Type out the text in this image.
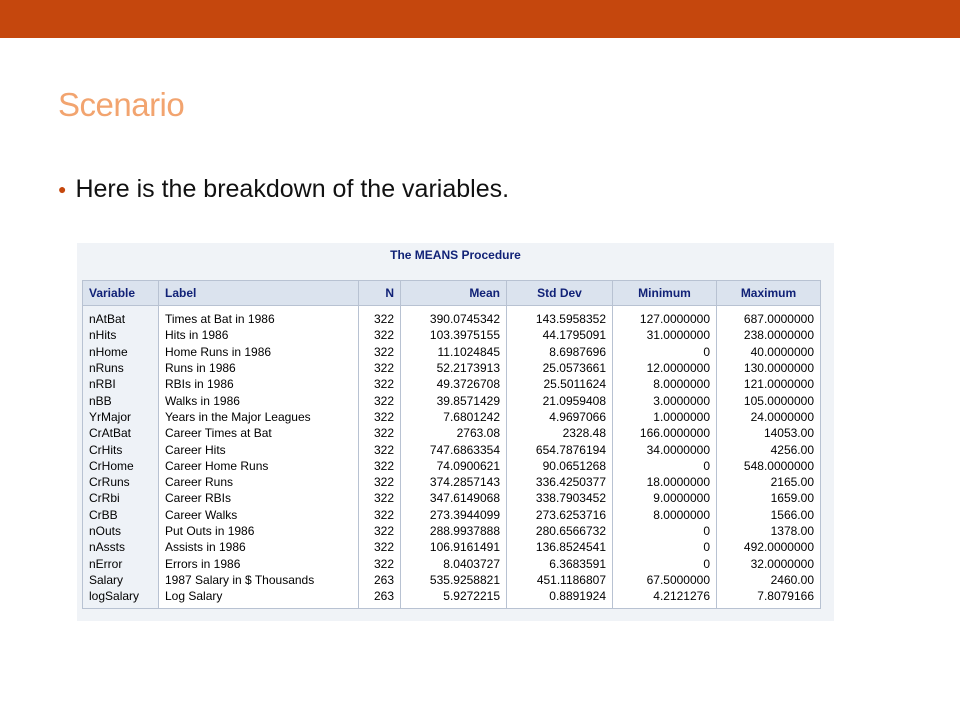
Scenario
● Here is the breakdown of the variables.
The MEANS Procedure
Variable	Label	N	Mean	Std Dev	Minimum	Maximum
nAtBat	Times at Bat in 1986	322	390.0745342	143.5958352	127.0000000	687.0000000
nHits	Hits in 1986	322	103.3975155	44.1795091	31.0000000	238.0000000
nHome	Home Runs in 1986	322	11.1024845	8.6987696	0	40.0000000
nRuns	Runs in 1986	322	52.2173913	25.0573661	12.0000000	130.0000000
nRBI	RBIs in 1986	322	49.3726708	25.5011624	8.0000000	121.0000000
nBB	Walks in 1986	322	39.8571429	21.0959408	3.0000000	105.0000000
YrMajor	Years in the Major Leagues	322	7.6801242	4.9697066	1.0000000	24.0000000
CrAtBat	Career Times at Bat	322	2763.08	2328.48	166.0000000	14053.00
CrHits	Career Hits	322	747.6863354	654.7876194	34.0000000	4256.00
CrHome	Career Home Runs	322	74.0900621	90.0651268	0	548.0000000
CrRuns	Career Runs	322	374.2857143	336.4250377	18.0000000	2165.00
CrRbi	Career RBIs	322	347.6149068	338.7903452	9.0000000	1659.00
CrBB	Career Walks	322	273.3944099	273.6253716	8.0000000	1566.00
nOuts	Put Outs in 1986	322	288.9937888	280.6566732	0	1378.00
nAssts	Assists in 1986	322	106.9161491	136.8524541	0	492.0000000
nError	Errors in 1986	322	8.0403727	6.3683591	0	32.0000000
Salary	1987 Salary in $ Thousands	263	535.9258821	451.1186807	67.5000000	2460.00
logSalary	Log Salary	263	5.9272215	0.8891924	4.2121276	7.8079166
